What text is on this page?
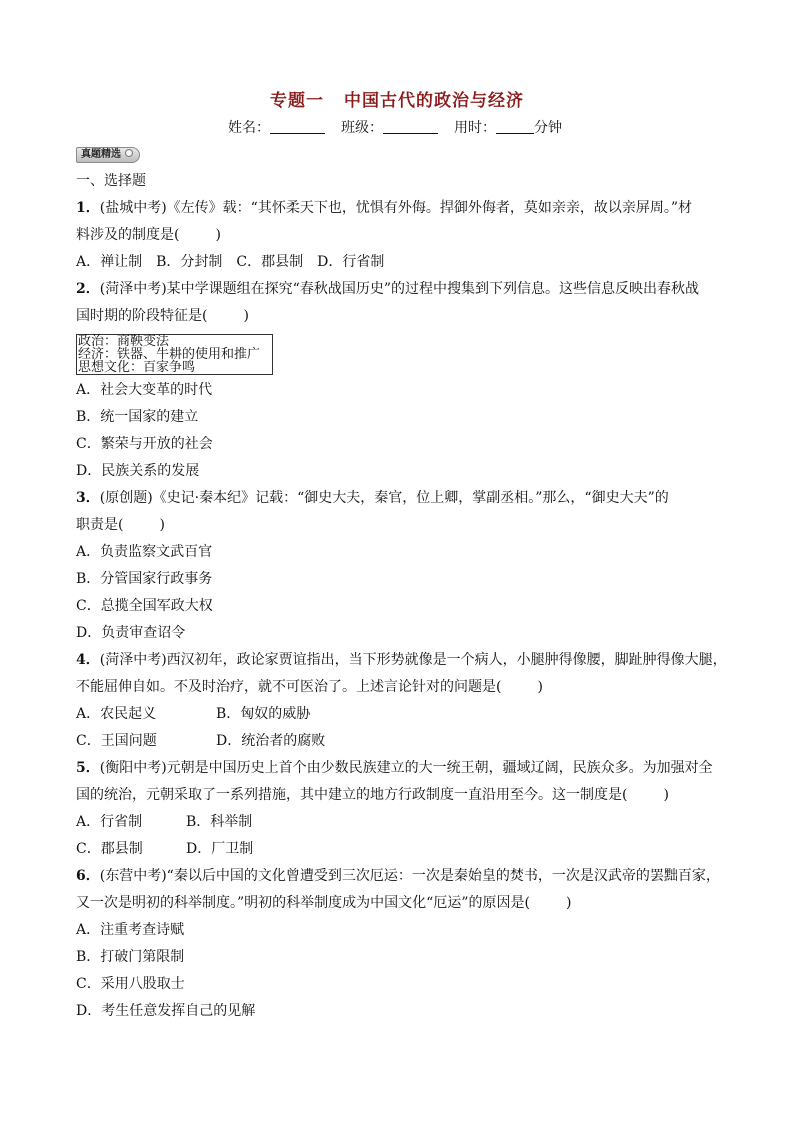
专题一 中国古代的政治与经济
姓名：	班级：	用时：	分钟
真题精选
一、选择题
1．(盐城中考)《左传》载：“其怀柔天下也，忧惧有外侮。捍御外侮者，莫如亲亲，故以亲屏周。”材
料涉及的制度是(	)
A．禅让制　B．分封制　C．郡县制　D．行省制
2．(菏泽中考)某中学课题组在探究“春秋战国历史”的过程中搜集到下列信息。这些信息反映出春秋战
国时期的阶段特征是(	)
政治：商鞅变法
经济：铁器、牛耕的使用和推广
思想文化：百家争鸣
A．社会大变革的时代
B．统一国家的建立
C．繁荣与开放的社会
D．民族关系的发展
3．(原创题)《史记·秦本纪》记载：“御史大夫，秦官，位上卿，掌副丞相。”那么，“御史大夫”的
职责是(	)
A．负责监察文武百官
B．分管国家行政事务
C．总揽全国军政大权
D．负责审查诏令
4．(菏泽中考)西汉初年，政论家贾谊指出，当下形势就像是一个病人，小腿肿得像腰，脚趾肿得像大腿，
不能屈伸自如。不及时治疗，就不可医治了。上述言论针对的问题是(	)
A．农民起义	B．匈奴的威胁
C．王国问题	D．统治者的腐败
5．(衡阳中考)元朝是中国历史上首个由少数民族建立的大一统王朝，疆域辽阔，民族众多。为加强对全
国的统治，元朝采取了一系列措施，其中建立的地方行政制度一直沿用至今。这一制度是(	)
A．行省制	B．科举制
C．郡县制	D．厂卫制
6．(东营中考)“秦以后中国的文化曾遭受到三次厄运：一次是秦始皇的焚书，一次是汉武帝的罢黜百家，
又一次是明初的科举制度。”明初的科举制度成为中国文化“厄运”的原因是(	)
A．注重考查诗赋
B．打破门第限制
C．采用八股取士
D．考生任意发挥自己的见解
